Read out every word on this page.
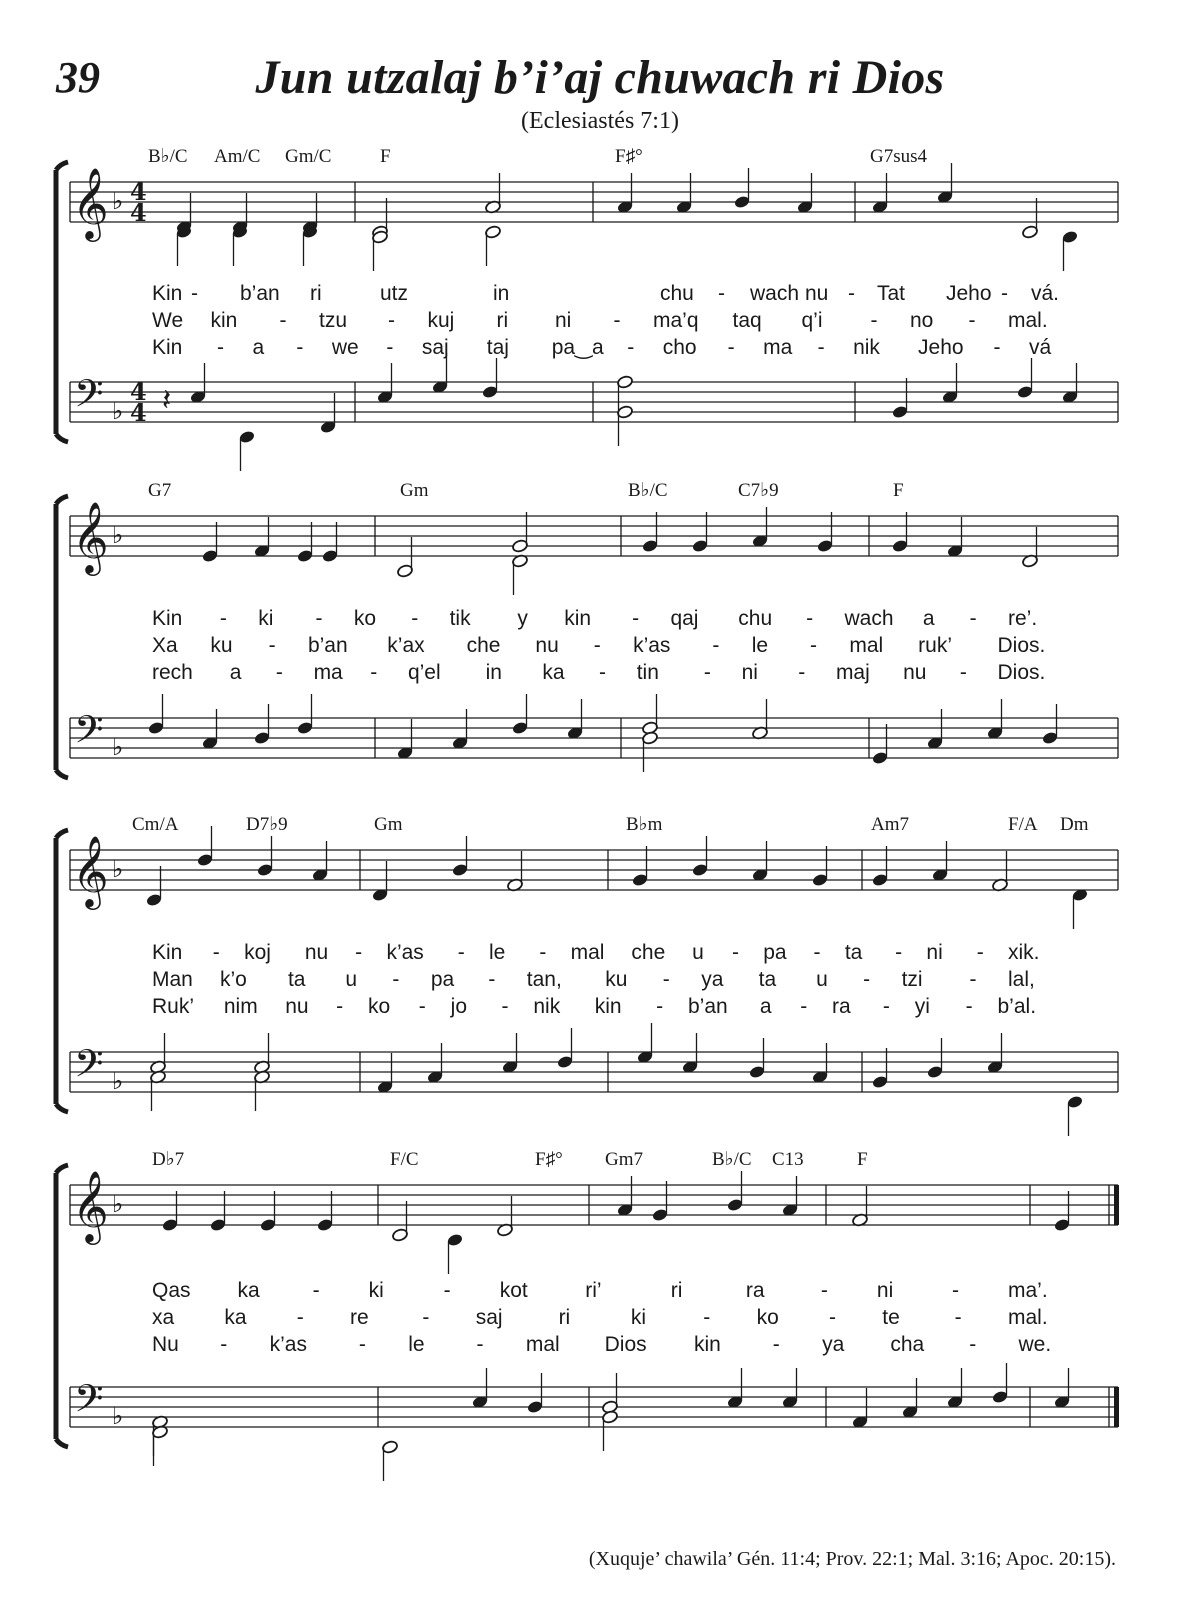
39	Jun utzalaj b’i’aj chuwach ri Dios
(Eclesiastés 7:1)
𝄞
𝄢
♭
♭
4
4
4
4 𝄽
B♭/C Am/C Gm/C	F	F♯°	G7sus4
Kin - b’an ri	utz	in	chu - wach nu - Tat Jeho - vá.
We kin - tzu - kuj ri ni - ma’q taq q’i - no - mal.
Kin - a - we - saj taj pa‿a - cho - ma - nik Jeho - vá
𝄞
𝄢
♭
♭
G7	Gm	B♭/C	C7♭9	F
Kin - ki - ko - tik y kin - qaj chu - wach a - re’.
Xa ku - b’an k’ax che nu - k’as - le - mal ruk’ Dios.
rech a - ma - q’el in ka - tin - ni - maj nu - Dios.
𝄞
𝄢
♭
♭
Cm/A	D7♭9	Gm	B♭m	Am7	F/A Dm
Kin - koj nu - k’as - le - mal che u - pa - ta - ni - xik.
Man k’o ta u - pa - tan, ku - ya ta u - tzi - lal,
Ruk’ nim nu - ko - jo - nik kin - b’an a - ra - yi - b’al.
𝄞
𝄢
♭
♭
D♭7	F/C	F♯° Gm7	B♭/C C13	F
Qas ka	- ki	- kot	ri’	ri	ra	- ni	- ma’.
xa ka - re	- saj	ri	ki	- ko - te	- mal.
Nu - k’as - le - mal Dios kin - ya cha - we.
(Xuquje’ chawila’ Gén. 11:4; Prov. 22:1; Mal. 3:16; Apoc. 20:15).
